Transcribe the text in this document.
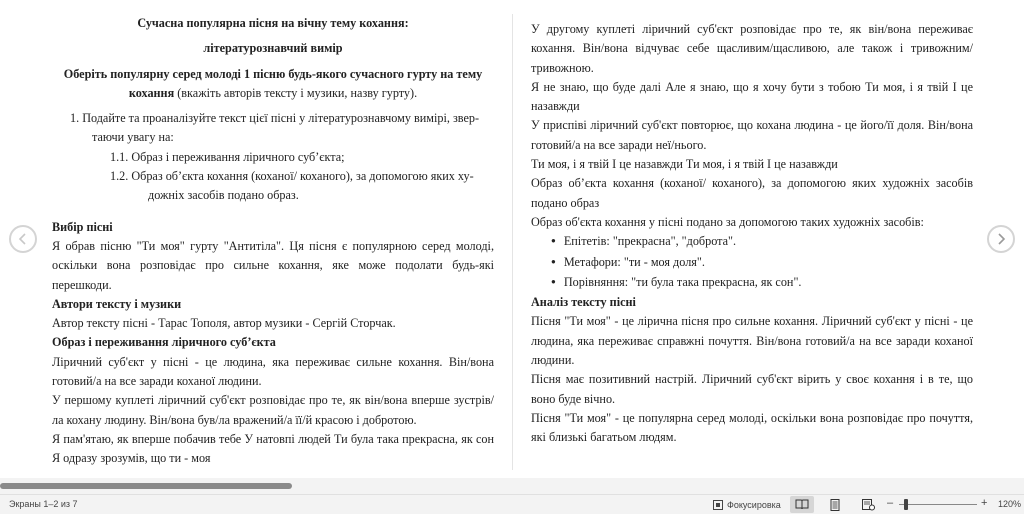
Сучасна популярна пісня на вічну тему кохання:
літературознавчий вимір
Оберіть популярну серед молоді 1 пісню будь-якого сучасного гурту на тему кохання (вкажіть авторів тексту і музики, назву гурту).
1. Подайте та проаналізуйте текст цієї пісні у літературознавчому вимірі, звер-
таючи увагу на:
1.1. Образ і переживання ліричного суб’єкта;
1.2. Образ об’єкта кохання (коханої/ коханого), за допомогою яких ху-
дожніх засобів подано образ.
Вибір пісні

Я обрав пісню "Ти моя" гурту "Антитіла". Ця пісня є популярною серед молоді, оскільки вона розповідає про сильне кохання, яке може подолати будь-які перешкоди.

Автори тексту і музики

Автор тексту пісні - Тарас Тополя, автор музики - Сергій Сторчак.

Образ і переживання ліричного суб’єкта

Ліричний суб'єкт у пісні - це людина, яка переживає сильне кохання. Він/вона готовий/а на все заради коханої людини.

У першому куплеті ліричний суб'єкт розповідає про те, як він/вона вперше зустрів/ла кохану людину. Він/вона був/ла вражений/а її/й красою і добротою.

Я пам'ятаю, як вперше побачив тебе У натовпі людей Ти була така прекрасна, як сон Я одразу зрозумів, що ти - моя

У другому куплеті ліричний суб'єкт розповідає про те, як він/вона переживає кохання. Він/вона відчуває себе щасливим/щасливою, але також і тривожним/тривожною.

Я не знаю, що буде далі Але я знаю, що я хочу бути з тобою Ти моя, і я твій І це назавжди

У приспіві ліричний суб'єкт повторює, що кохана людина - це його/її доля. Він/вона готовий/а на все заради неї/нього.

Ти моя, і я твій І це назавжди Ти моя, і я твій І це назавжди

Образ об’єкта кохання (коханої/ коханого), за допомогою яких художніх засобів подано образ

Образ об'єкта кохання у пісні подано за допомогою таких художніх засобів:

● Епітетів: "прекрасна", "доброта".
● Метафори: "ти - моя доля".
● Порівняння: "ти була така прекрасна, як сон".
Аналіз тексту пісні

Пісня "Ти моя" - це лірична пісня про сильне кохання. Ліричний суб'єкт у пісні - це людина, яка переживає справжні почуття. Він/вона готовий/а на все заради коханої людини.

Пісня має позитивний настрій. Ліричний суб'єкт вірить у своє кохання і в те, що воно буде вічно.

Пісня "Ти моя" - це популярна серед молоді, оскільки вона розповідає про почуття, які близькі багатьом людям.

Экраны 1–2 из 7	Фокусировка	–	+ 120%
